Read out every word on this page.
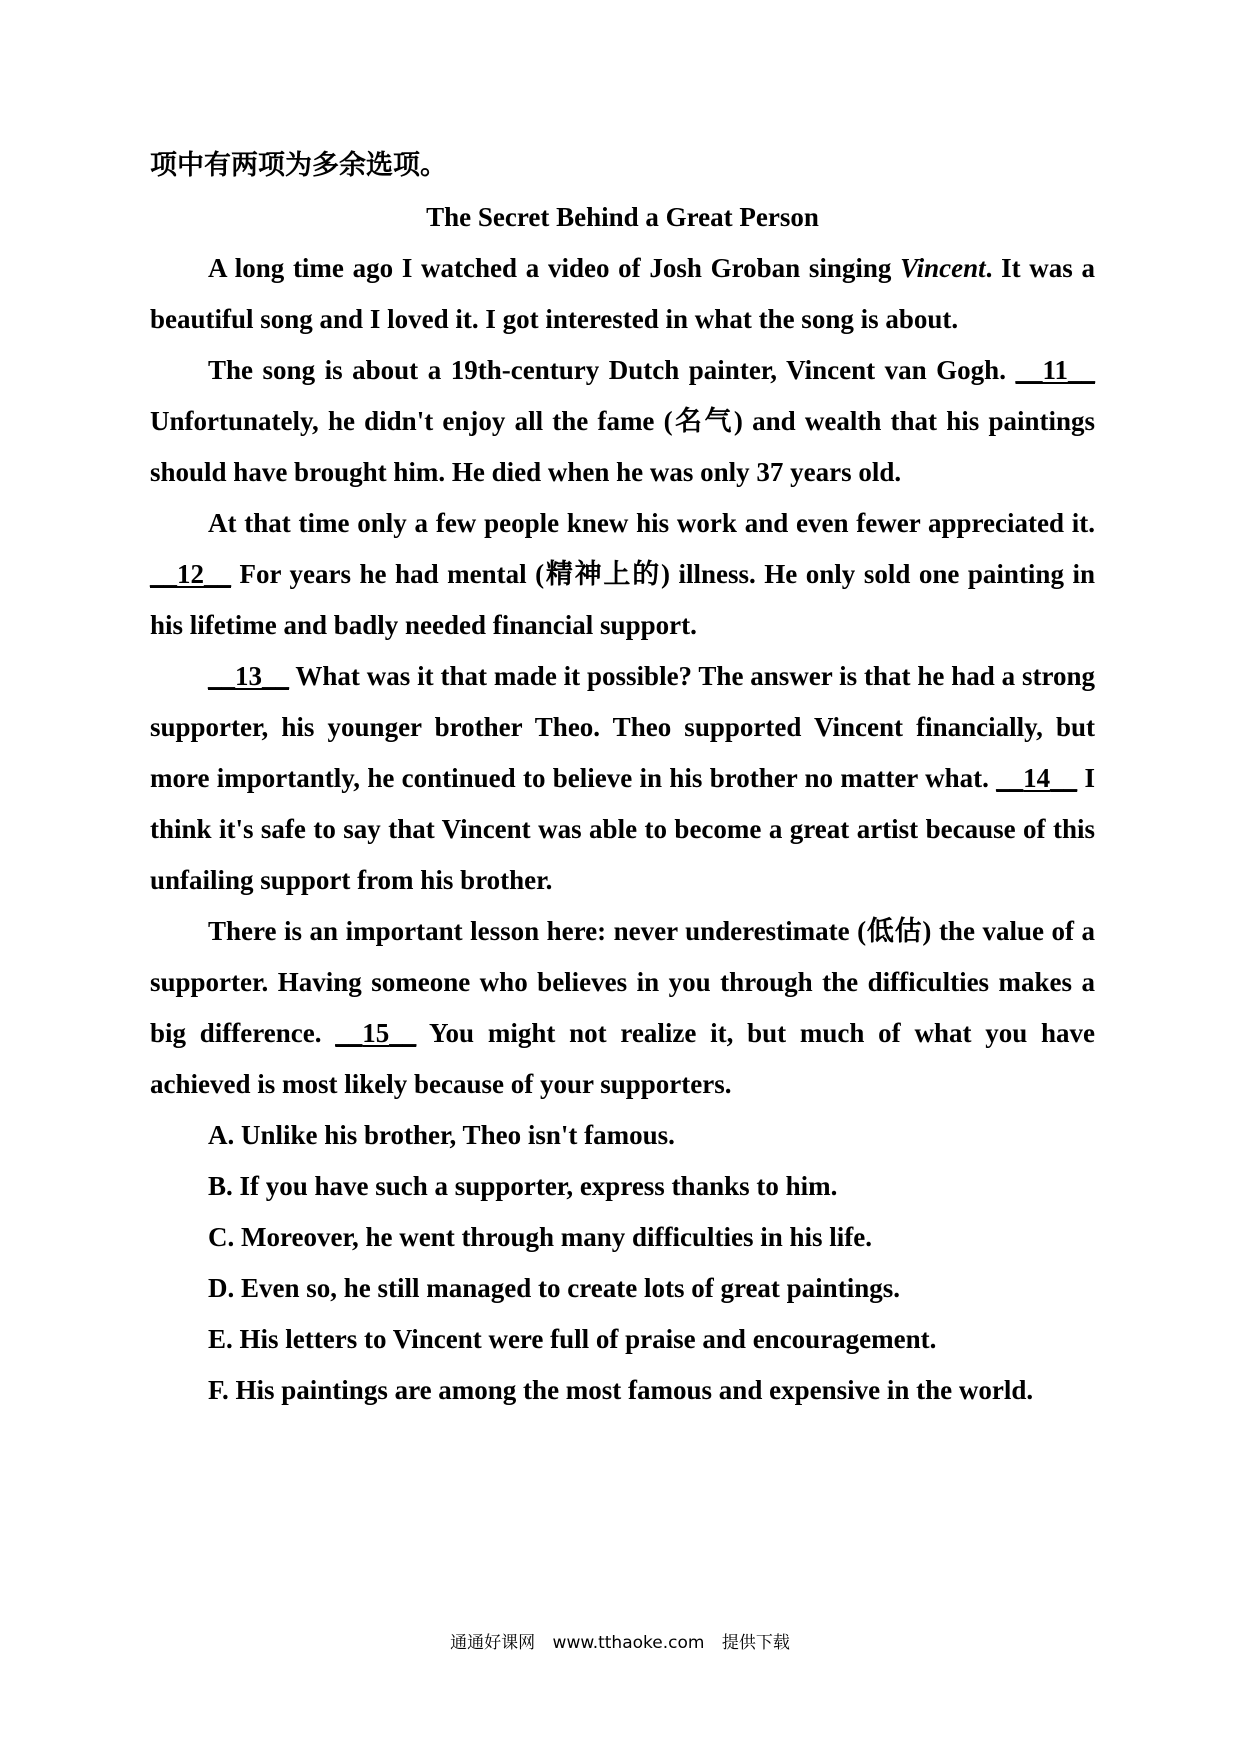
项中有两项为多余选项。

The Secret Behind a Great Person

A long time ago I watched a video of Josh Groban singing Vincent. It was a beautiful song and I loved it. I got interested in what the song is about.

The song is about a 19th-century Dutch painter, Vincent van Gogh. __11__ Unfortunately, he didn't enjoy all the fame (名气) and wealth that his paintings should have brought him. He died when he was only 37 years old.

At that time only a few people knew his work and even fewer appreciated it. __12__ For years he had mental (精神上的) illness. He only sold one painting in his lifetime and badly needed financial support.

__13__ What was it that made it possible? The answer is that he had a strong supporter, his younger brother Theo. Theo supported Vincent financially, but more importantly, he continued to believe in his brother no matter what. __14__ I think it's safe to say that Vincent was able to become a great artist because of this unfailing support from his brother.

There is an important lesson here: never underestimate (低估) the value of a supporter. Having someone who believes in you through the difficulties makes a big difference. __15__ You might not realize it, but much of what you have achieved is most likely because of your supporters.

A. Unlike his brother, Theo isn't famous.

B. If you have such a supporter, express thanks to him.

C. Moreover, he went through many difficulties in his life.

D. Even so, he still managed to create lots of great paintings.

E. His letters to Vincent were full of praise and encouragement.

F. His paintings are among the most famous and expensive in the world.

通通好课网 www.tthaoke.com 提供下载
